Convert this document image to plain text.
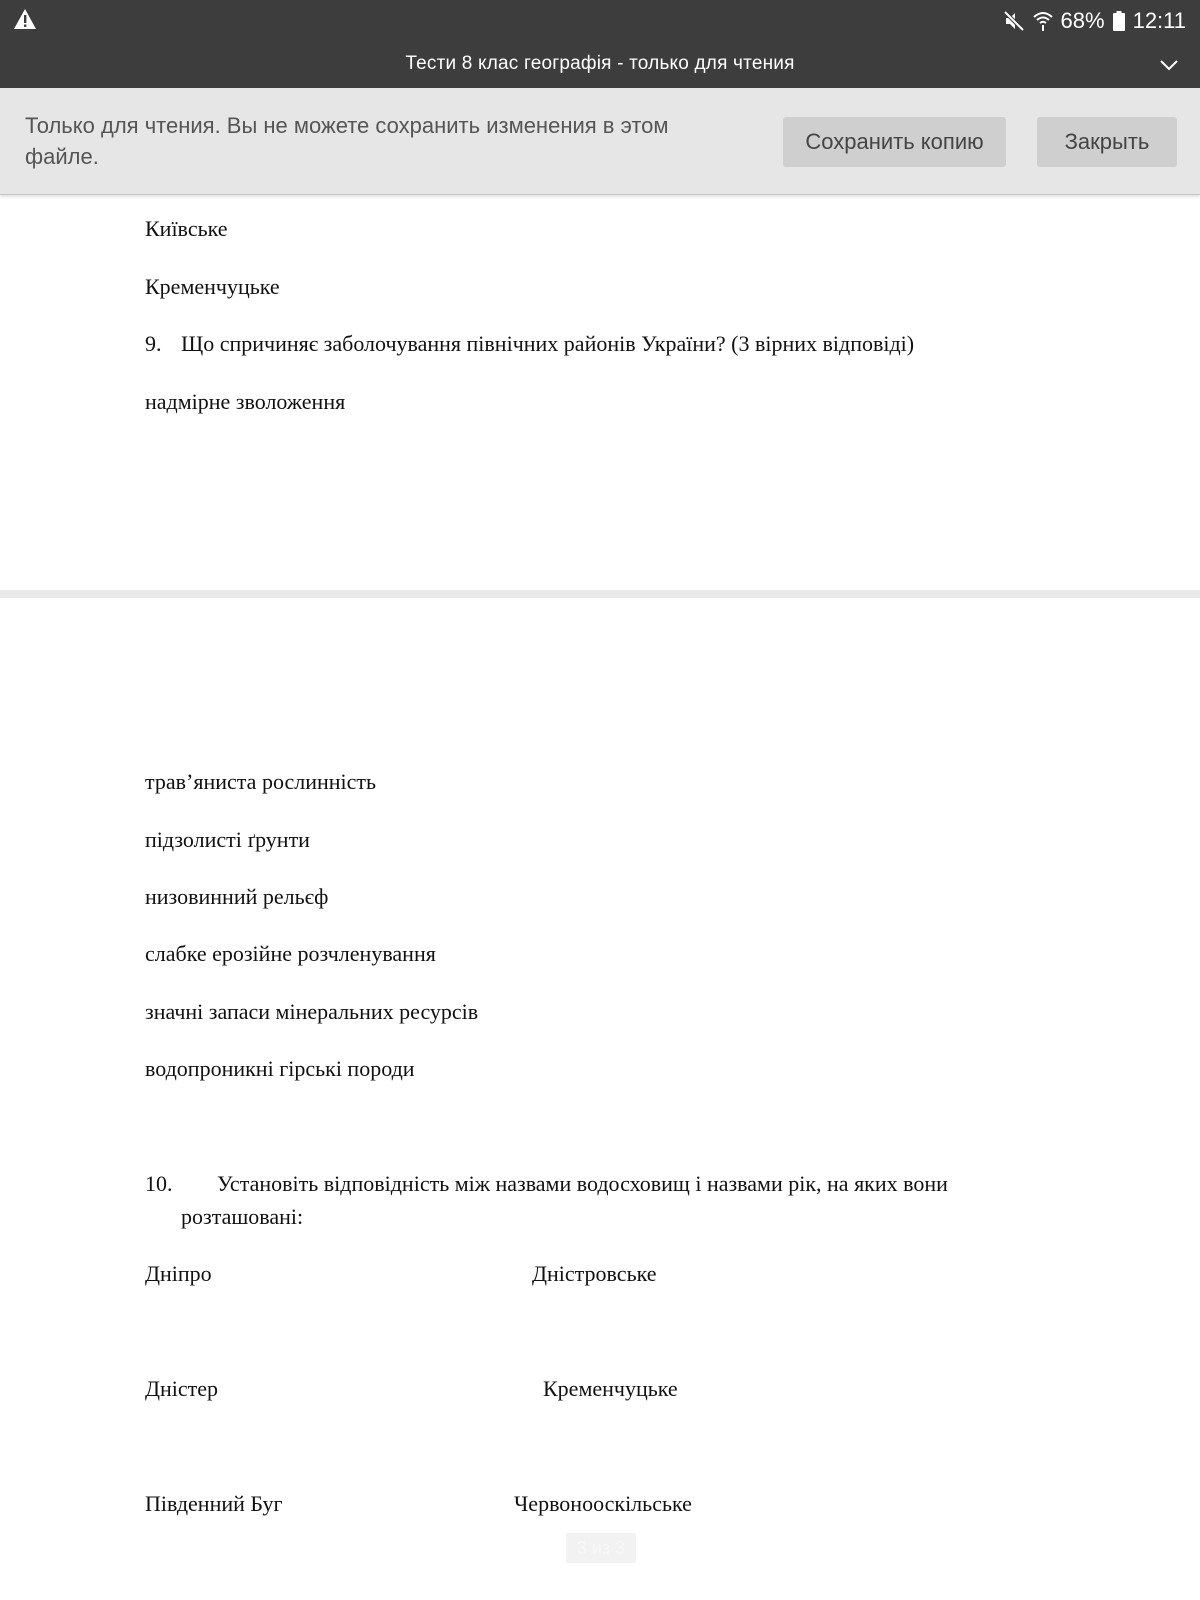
68% 12:11
Тести 8 клас географія - только для чтения
Только для чтения. Вы не можете сохранить изменения в этом файле.
Сохранить копию	Закрыть
Київське
Кременчуцьке
9. Що спричиняє заболочування північних районів України? (3 вірних відповіді)
надмірне зволоження
трав’яниста рослинність
підзолисті ґрунти
низовинний рельєф
слабке ерозійне розчленування
значні запаси мінеральних ресурсів
водопроникні гірські породи
10. Установіть відповідність між назвами водосховищ і назвами рік, на яких вони
розташовані:
Дніпро	Дністровське
Дністер	Кременчуцьке
Південний Буг	Червонооскільське
3 из 3
